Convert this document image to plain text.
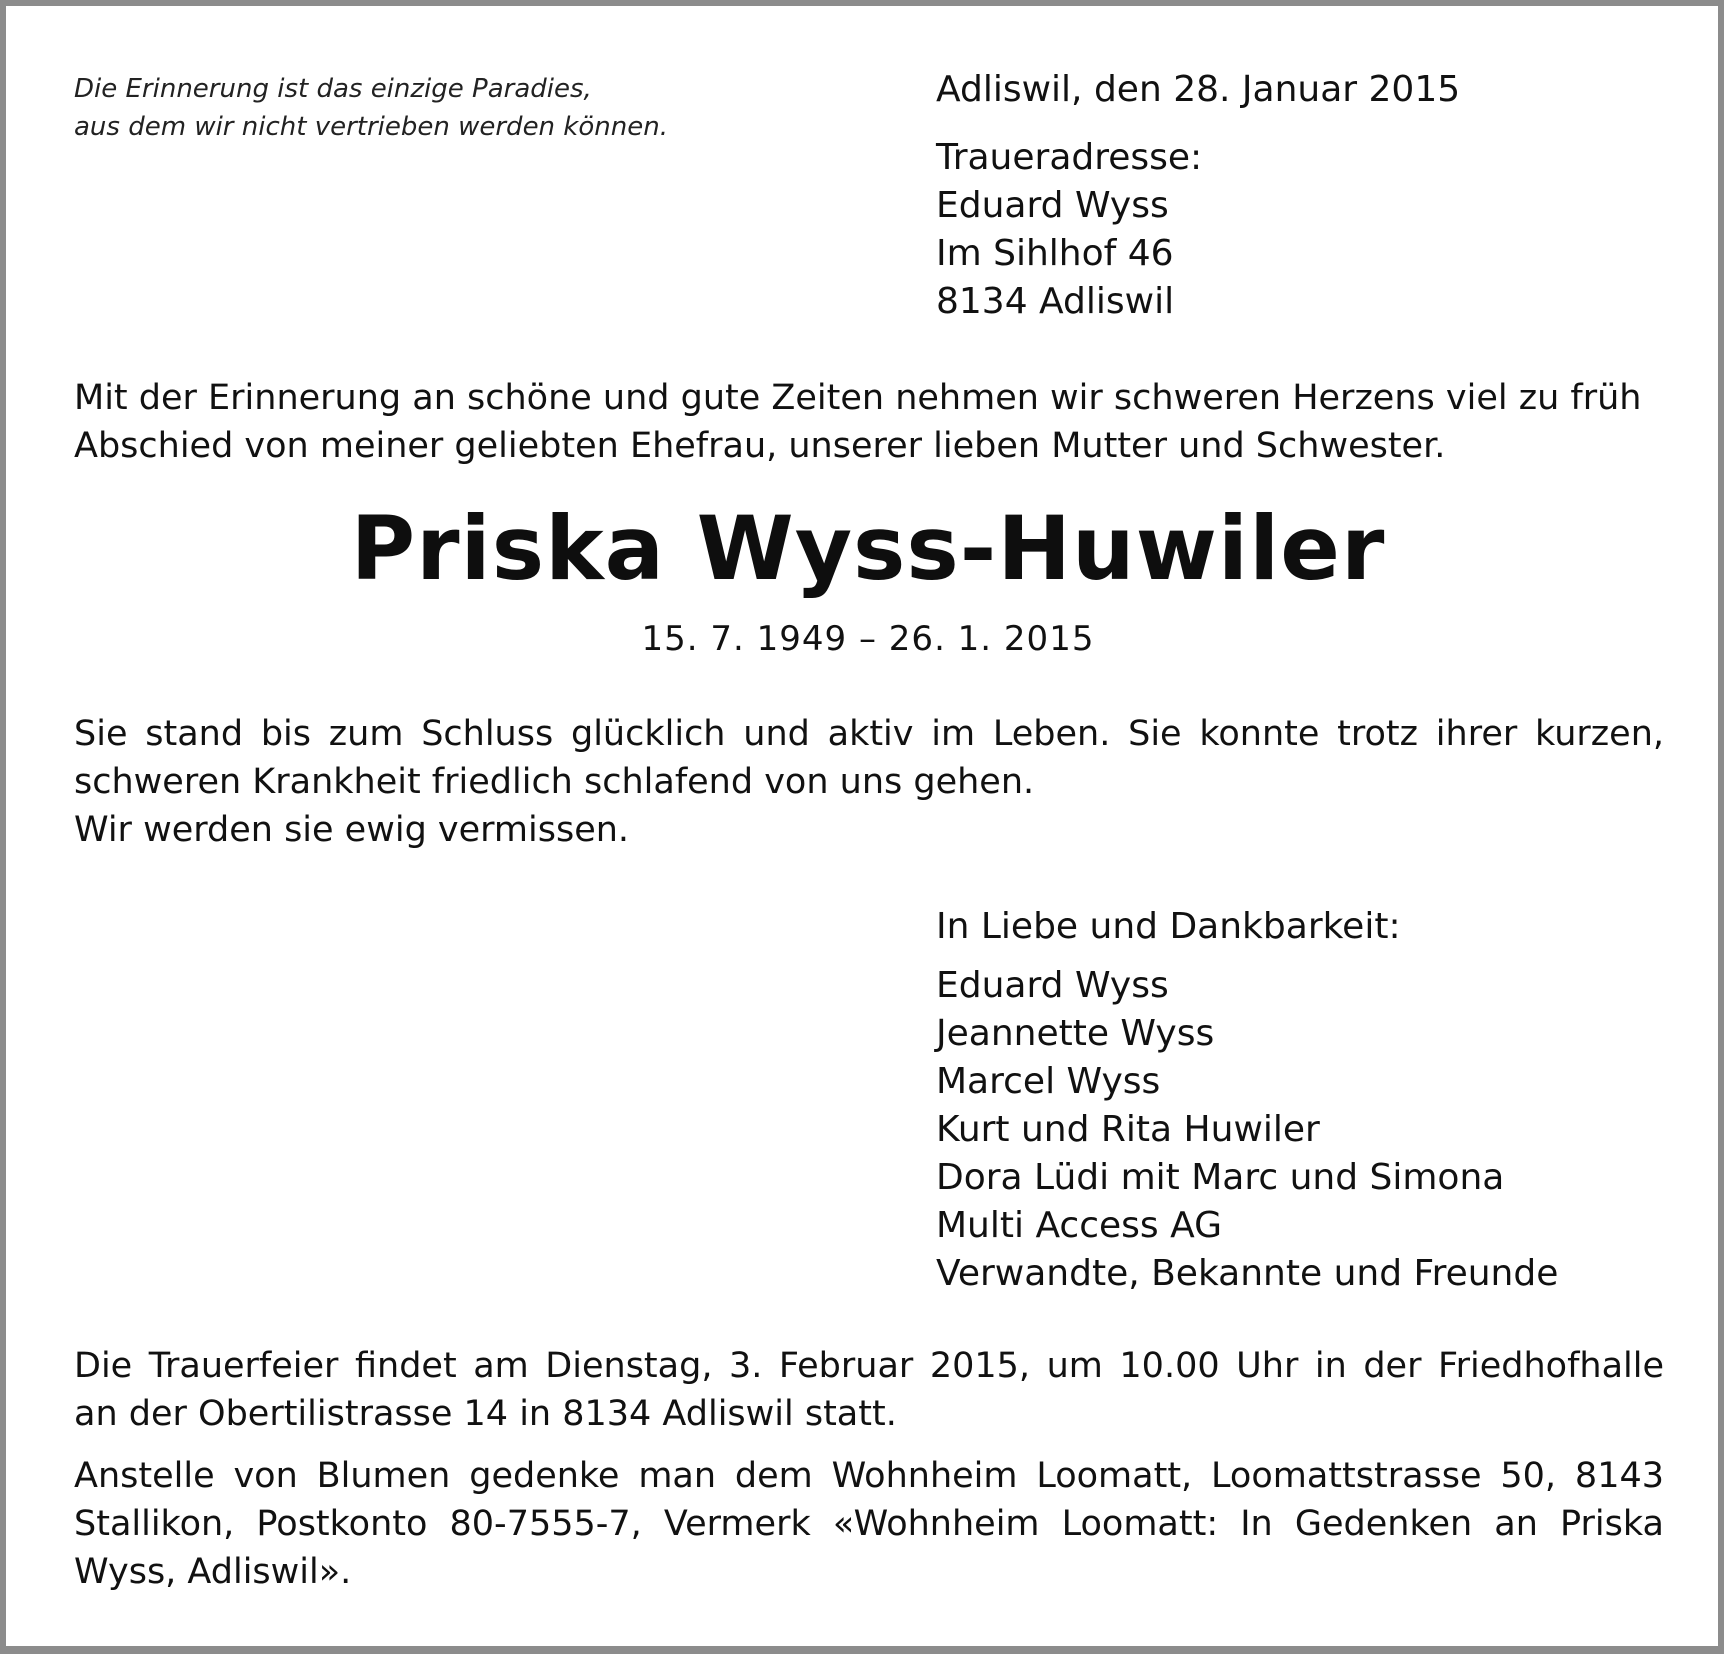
Die Erinnerung ist das einzige Paradies,
aus dem wir nicht vertrieben werden können.

Adliswil, den 28. Januar 2015

Traueradresse:
Eduard Wyss
Im Sihlhof 46
8134 Adliswil

Mit der Erinnerung an schöne und gute Zeiten nehmen wir schweren Herzens viel zu früh
Abschied von meiner geliebten Ehefrau, unserer lieben Mutter und Schwester.

Priska Wyss-Huwiler

15. 7. 1949 – 26. 1. 2015

Sie stand bis zum Schluss glücklich und aktiv im Leben. Sie konnte trotz ihrer kurzen,
schweren Krankheit friedlich schlafend von uns gehen.
Wir werden sie ewig vermissen.

In Liebe und Dankbarkeit:

Eduard Wyss
Jeannette Wyss
Marcel Wyss
Kurt und Rita Huwiler
Dora Lüdi mit Marc und Simona
Multi Access AG
Verwandte, Bekannte und Freunde

Die Trauerfeier findet am Dienstag, 3. Februar 2015, um 10.00 Uhr in der Friedhofhalle
an der Obertilistrasse 14 in 8134 Adliswil statt.

Anstelle von Blumen gedenke man dem Wohnheim Loomatt, Loomattstrasse 50, 8143
Stallikon, Postkonto 80-7555-7, Vermerk «Wohnheim Loomatt: In Gedenken an Priska
Wyss, Adliswil».
